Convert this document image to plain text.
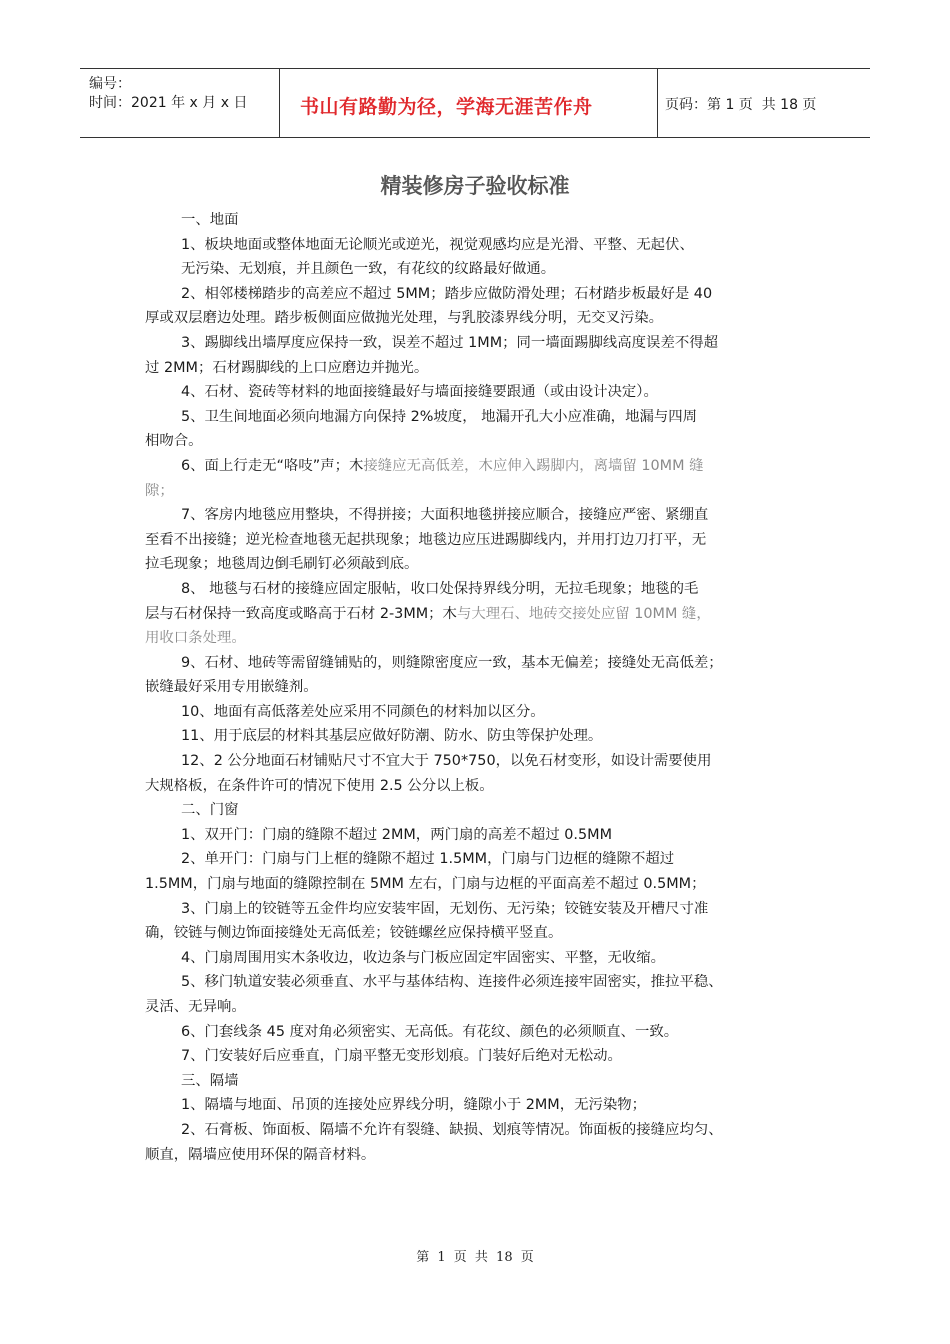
编号：
时间：2021 年 x 月 x 日	书山有路勤为径，学海无涯苦作舟	页码：第 1 页  共 18 页
精装修房子验收标准
一、地面
1、板块地面或整体地面无论顺光或逆光，视觉观感均应是光滑、平整、无起伏、
无污染、无划痕，并且颜色一致，有花纹的纹路最好做通。
2、相邻楼梯踏步的高差应不超过 5MM；踏步应做防滑处理；石材踏步板最好是 40
厚或双层磨边处理。踏步板侧面应做抛光处理，与乳胶漆界线分明，无交叉污染。
3、踢脚线出墙厚度应保持一致，误差不超过 1MM；同一墙面踢脚线高度误差不得超
过 2MM；石材踢脚线的上口应磨边并抛光。
4、石材、瓷砖等材料的地面接缝最好与墙面接缝要跟通（或由设计决定）。
5、卫生间地面必须向地漏方向保持 2%坡度， 地漏开孔大小应准确，地漏与四周
相吻合。
6、面上行走无“咯吱”声；木接缝应无高低差，木应伸入踢脚内，离墙留 10MM 缝
隙；
7、客房内地毯应用整块，不得拼接；大面积地毯拼接应顺合，接缝应严密、紧绷直
至看不出接缝；逆光检查地毯无起拱现象；地毯边应压进踢脚线内，并用打边刀打平，无
拉毛现象；地毯周边倒毛刷钉必须敲到底。
8、 地毯与石材的接缝应固定服帖，收口处保持界线分明，无拉毛现象；地毯的毛
层与石材保持一致高度或略高于石材 2-3MM；木与大理石、地砖交接处应留 10MM 缝，
用收口条处理。
9、石材、地砖等需留缝铺贴的，则缝隙密度应一致，基本无偏差；接缝处无高低差；
嵌缝最好采用专用嵌缝剂。
10、地面有高低落差处应采用不同颜色的材料加以区分。
11、用于底层的材料其基层应做好防潮、防水、防虫等保护处理。
12、2 公分地面石材铺贴尺寸不宜大于 750*750，以免石材变形，如设计需要使用
大规格板，在条件许可的情况下使用 2.5 公分以上板。
二、门窗
1、双开门：门扇的缝隙不超过 2MM，两门扇的高差不超过 0.5MM
2、单开门：门扇与门上框的缝隙不超过 1.5MM，门扇与门边框的缝隙不超过
1.5MM，门扇与地面的缝隙控制在 5MM 左右，门扇与边框的平面高差不超过 0.5MM；
3、门扇上的铰链等五金件均应安装牢固，无划伤、无污染；铰链安装及开槽尺寸准
确，铰链与侧边饰面接缝处无高低差；铰链螺丝应保持横平竖直。
4、门扇周围用实木条收边，收边条与门板应固定牢固密实、平整，无收缩。
5、移门轨道安装必须垂直、水平与基体结构、连接件必须连接牢固密实，推拉平稳、
灵活、无异响。
6、门套线条 45 度对角必须密实、无高低。有花纹、颜色的必须顺直、一致。
7、门安装好后应垂直，门扇平整无变形划痕。门装好后绝对无松动。
三、隔墙
1、隔墙与地面、吊顶的连接处应界线分明，缝隙小于 2MM，无污染物；
2、石膏板、饰面板、隔墙不允许有裂缝、缺损、划痕等情况。饰面板的接缝应均匀、
顺直，隔墙应使用环保的隔音材料。
第 1 页 共 18 页
